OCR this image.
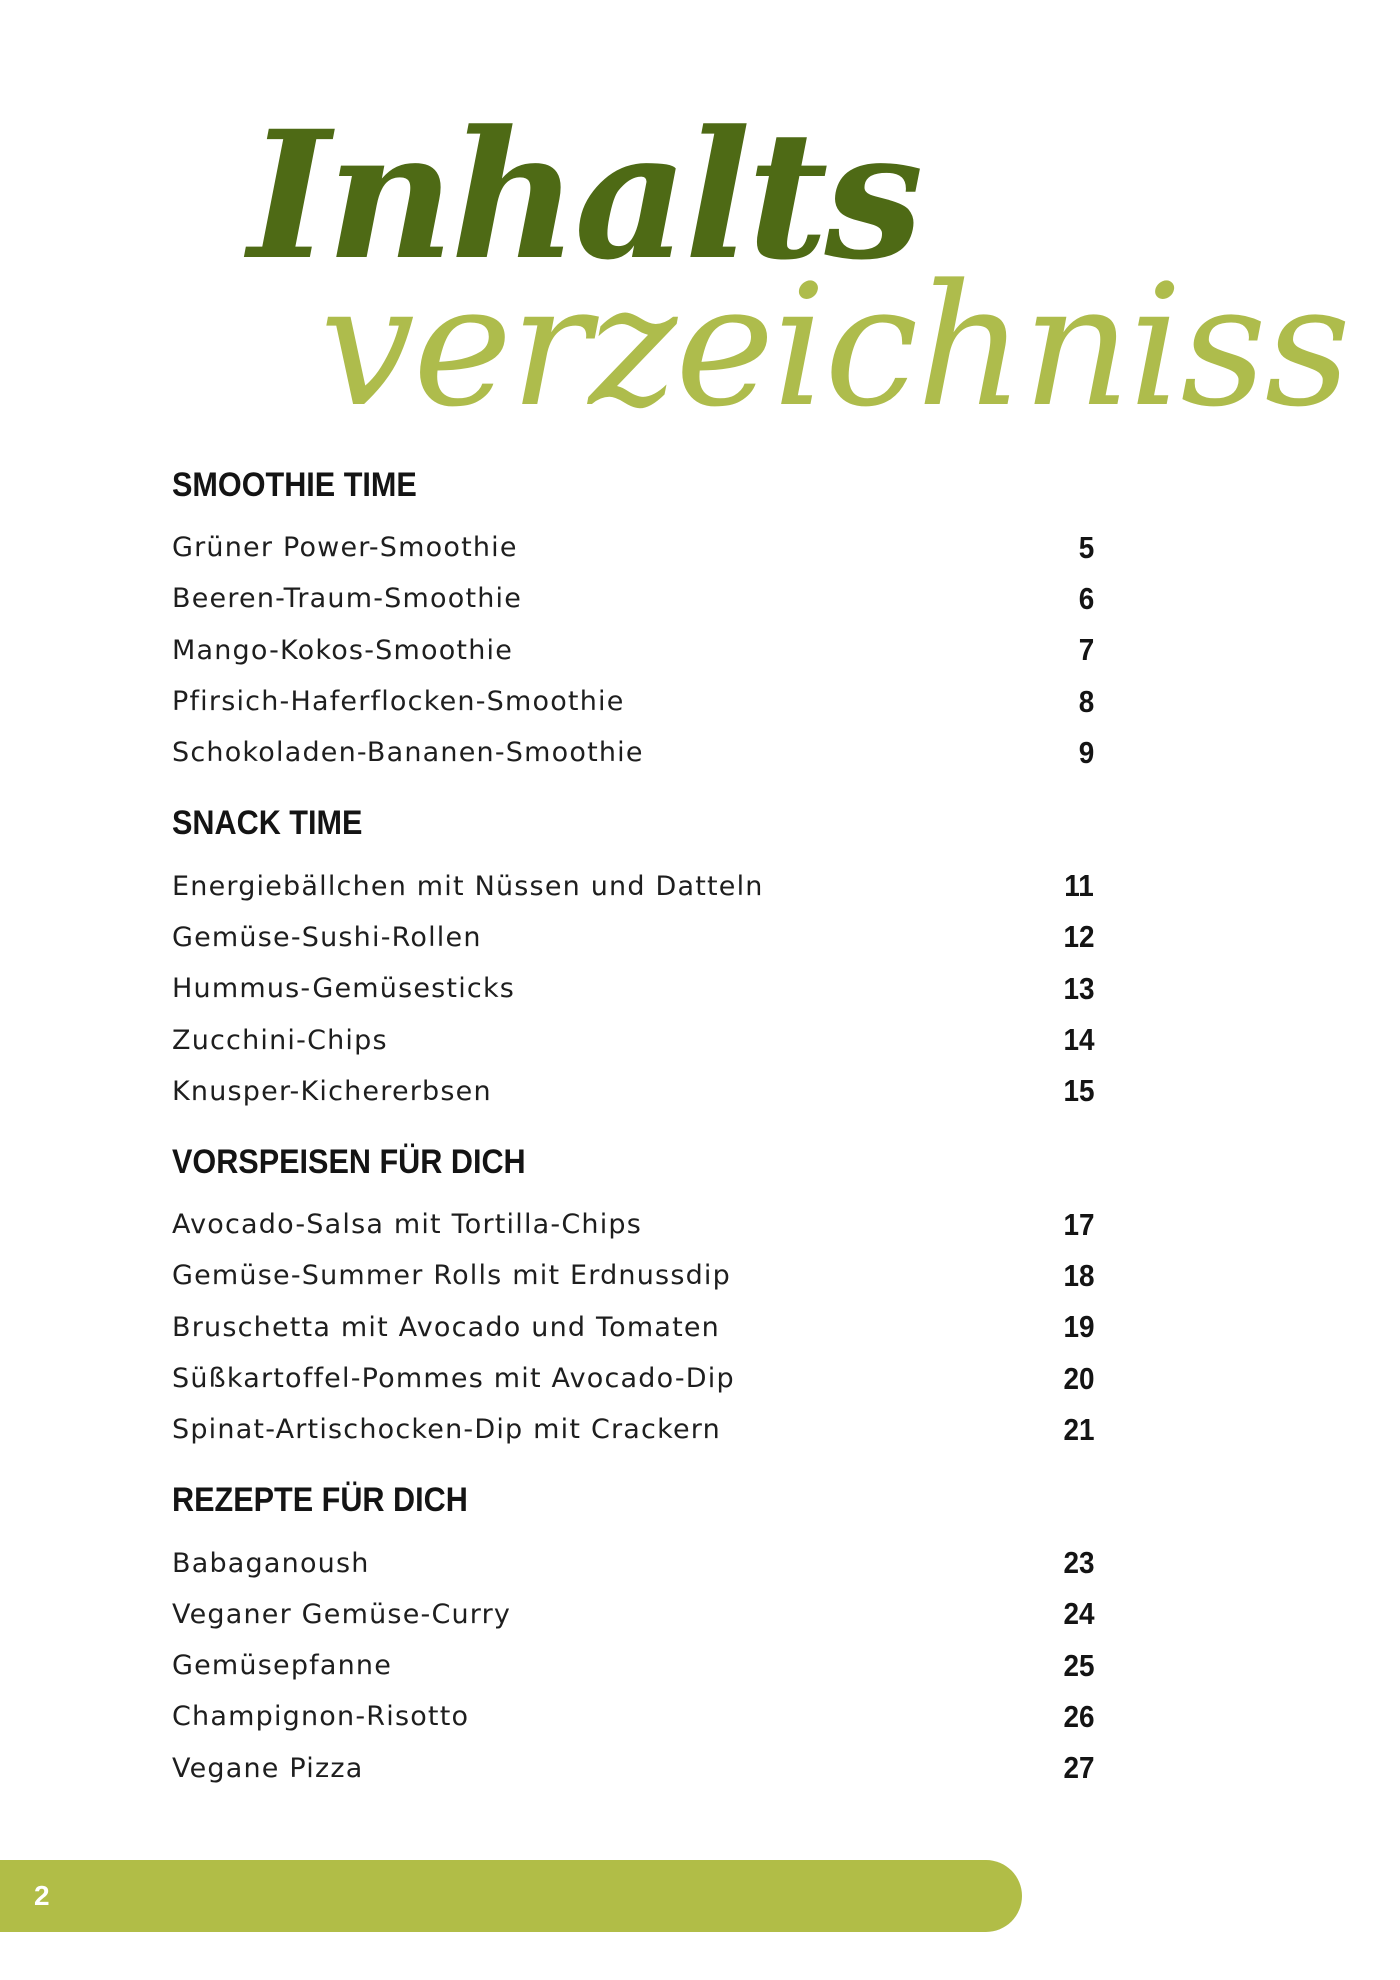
Inhalts
verzeichniss
SMOOTHIE TIME
Grüner Power-Smoothie	5
Beeren-Traum-Smoothie	6
Mango-Kokos-Smoothie	7
Pfirsich-Haferflocken-Smoothie	8
Schokoladen-Bananen-Smoothie	9
SNACK TIME
Energiebällchen mit Nüssen und Datteln	11
Gemüse-Sushi-Rollen	12
Hummus-Gemüsesticks	13
Zucchini-Chips	14
Knusper-Kichererbsen	15
VORSPEISEN FÜR DICH
Avocado-Salsa mit Tortilla-Chips	17
Gemüse-Summer Rolls mit Erdnussdip	18
Bruschetta mit Avocado und Tomaten	19
Süßkartoffel-Pommes mit Avocado-Dip	20
Spinat-Artischocken-Dip mit Crackern	21
REZEPTE FÜR DICH
Babaganoush	23
Veganer Gemüse-Curry	24
Gemüsepfanne	25
Champignon-Risotto	26
Vegane Pizza	27
2
